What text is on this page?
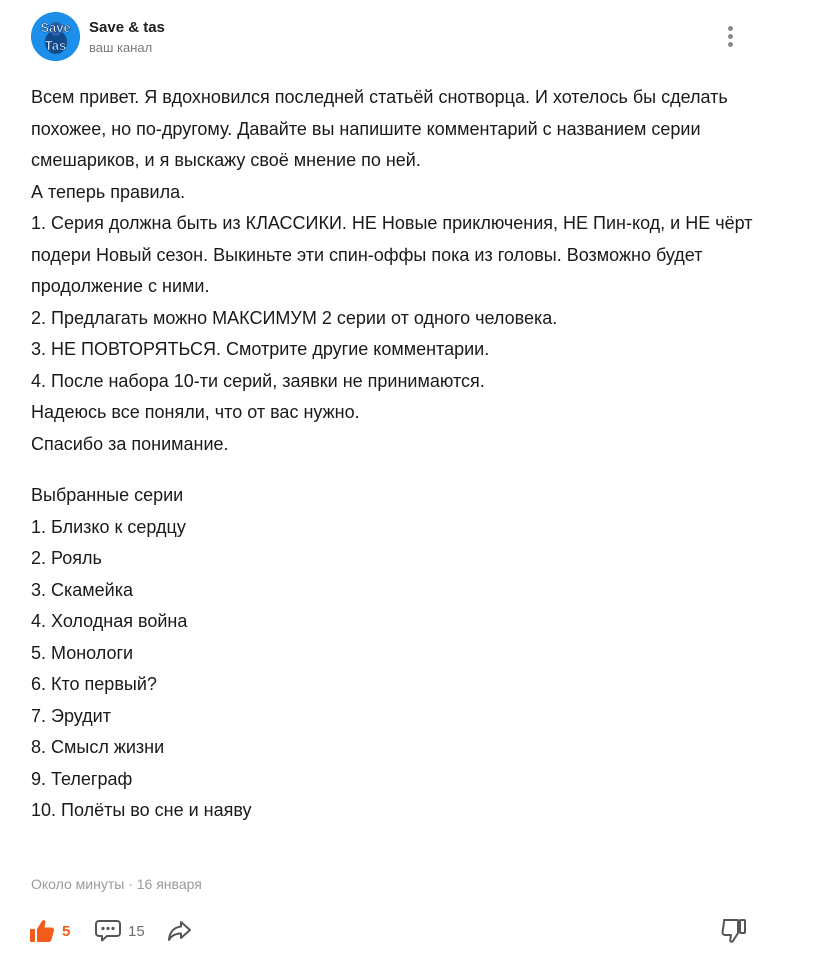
Save
Tas
Save & tas
ваш канал

Всем привет. Я вдохновился последней статьёй снотворца. И хотелось бы сделать похожее, но по-другому. Давайте вы напишите комментарий с названием серии смешариков, и я выскажу своё мнение по ней.

А теперь правила.

1. Серия должна быть из КЛАССИКИ. НЕ Новые приключения, НЕ Пин-код, и НЕ чёрт подери Новый сезон. Выкиньте эти спин-оффы пока из головы. Возможно будет продолжение с ними.

2. Предлагать можно МАКСИМУМ 2 серии от одного человека.

3. НЕ ПОВТОРЯТЬСЯ. Смотрите другие комментарии.

4. После набора 10-ти серий, заявки не принимаются.

Надеюсь все поняли, что от вас нужно.

Спасибо за понимание.

Выбранные серии

1. Близко к сердцу

2. Рояль

3. Скамейка

4. Холодная война

5. Монологи

6. Кто первый?

7. Эрудит

8. Смысл жизни

9. Телеграф

10. Полёты во сне и наяву

Около минуты · 16 января
5	15
